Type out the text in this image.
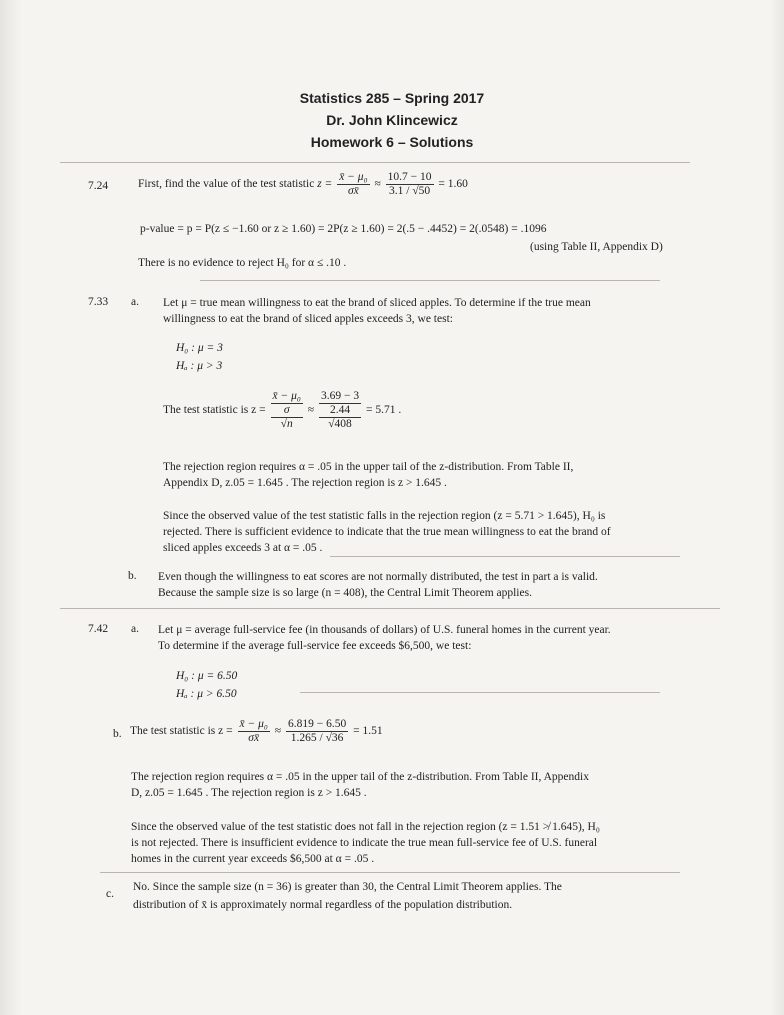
Statistics 285 – Spring 2017
Dr. John Klincewicz
Homework 6 – Solutions
7.24	First, find the value of the test statistic $z = \frac{\text{x̄ − μ₀}}{\sigma x̄} \approx \frac{10.7 - 10}{3.1 / √50} = 1.60$
p-value = p = P(z ≤ −1.60 or z ≥ 1.60) = 2P(z ≥ 1.60) = 2(.5 − .4452) = 2(.0548) = .1096
(using Table II, Appendix D)
There is no evidence to reject H₀ for α ≤ .10 .
7.33 a. Let μ = true mean willingness to eat the brand of sliced apples. To determine if the true mean
willingness to eat the brand of sliced apples exceeds 3, we test:
H₀ : μ = 3
Hₐ : μ > 3
The test statistic is z =
x̄ − μ₀
σ
√n
≈
3.69 − 3
2.44
√408
= 5.71 .
The rejection region requires α = .05 in the upper tail of the z-distribution. From Table II,
Appendix D, z.05 = 1.645 . The rejection region is z > 1.645 .
Since the observed value of the test statistic falls in the rejection region (z = 5.71 > 1.645), H₀ is
rejected. There is sufficient evidence to indicate that the true mean willingness to eat the brand of
sliced apples exceeds 3 at α = .05 .
b. Even though the willingness to eat scores are not normally distributed, the test in part a is valid.
Because the sample size is so large (n = 408), the Central Limit Theorem applies.
7.42 a. Let μ = average full-service fee (in thousands of dollars) of U.S. funeral homes in the current year.
To determine if the average full-service fee exceeds $6,500, we test:
H₀ : μ = 6.50
Hₐ : μ > 6.50
b. The test statistic is $z = \frac{\text{x̄ − μ₀}}{\sigma x̄} \approx \frac{6.819 - 6.50}{1.265 / √36} = 1.51$
The rejection region requires α = .05 in the upper tail of the z-distribution. From Table II, Appendix
D, z.05 = 1.645 . The rejection region is z > 1.645 .
Since the observed value of the test statistic does not fall in the rejection region (z = 1.51 ≯ 1.645), H₀
is not rejected. There is insufficient evidence to indicate the true mean full-service fee of U.S. funeral
homes in the current year exceeds $6,500 at α = .05 .
c.
No. Since the sample size (n = 36) is greater than 30, the Central Limit Theorem applies. The
distribution of x̄ is approximately normal regardless of the population distribution.
